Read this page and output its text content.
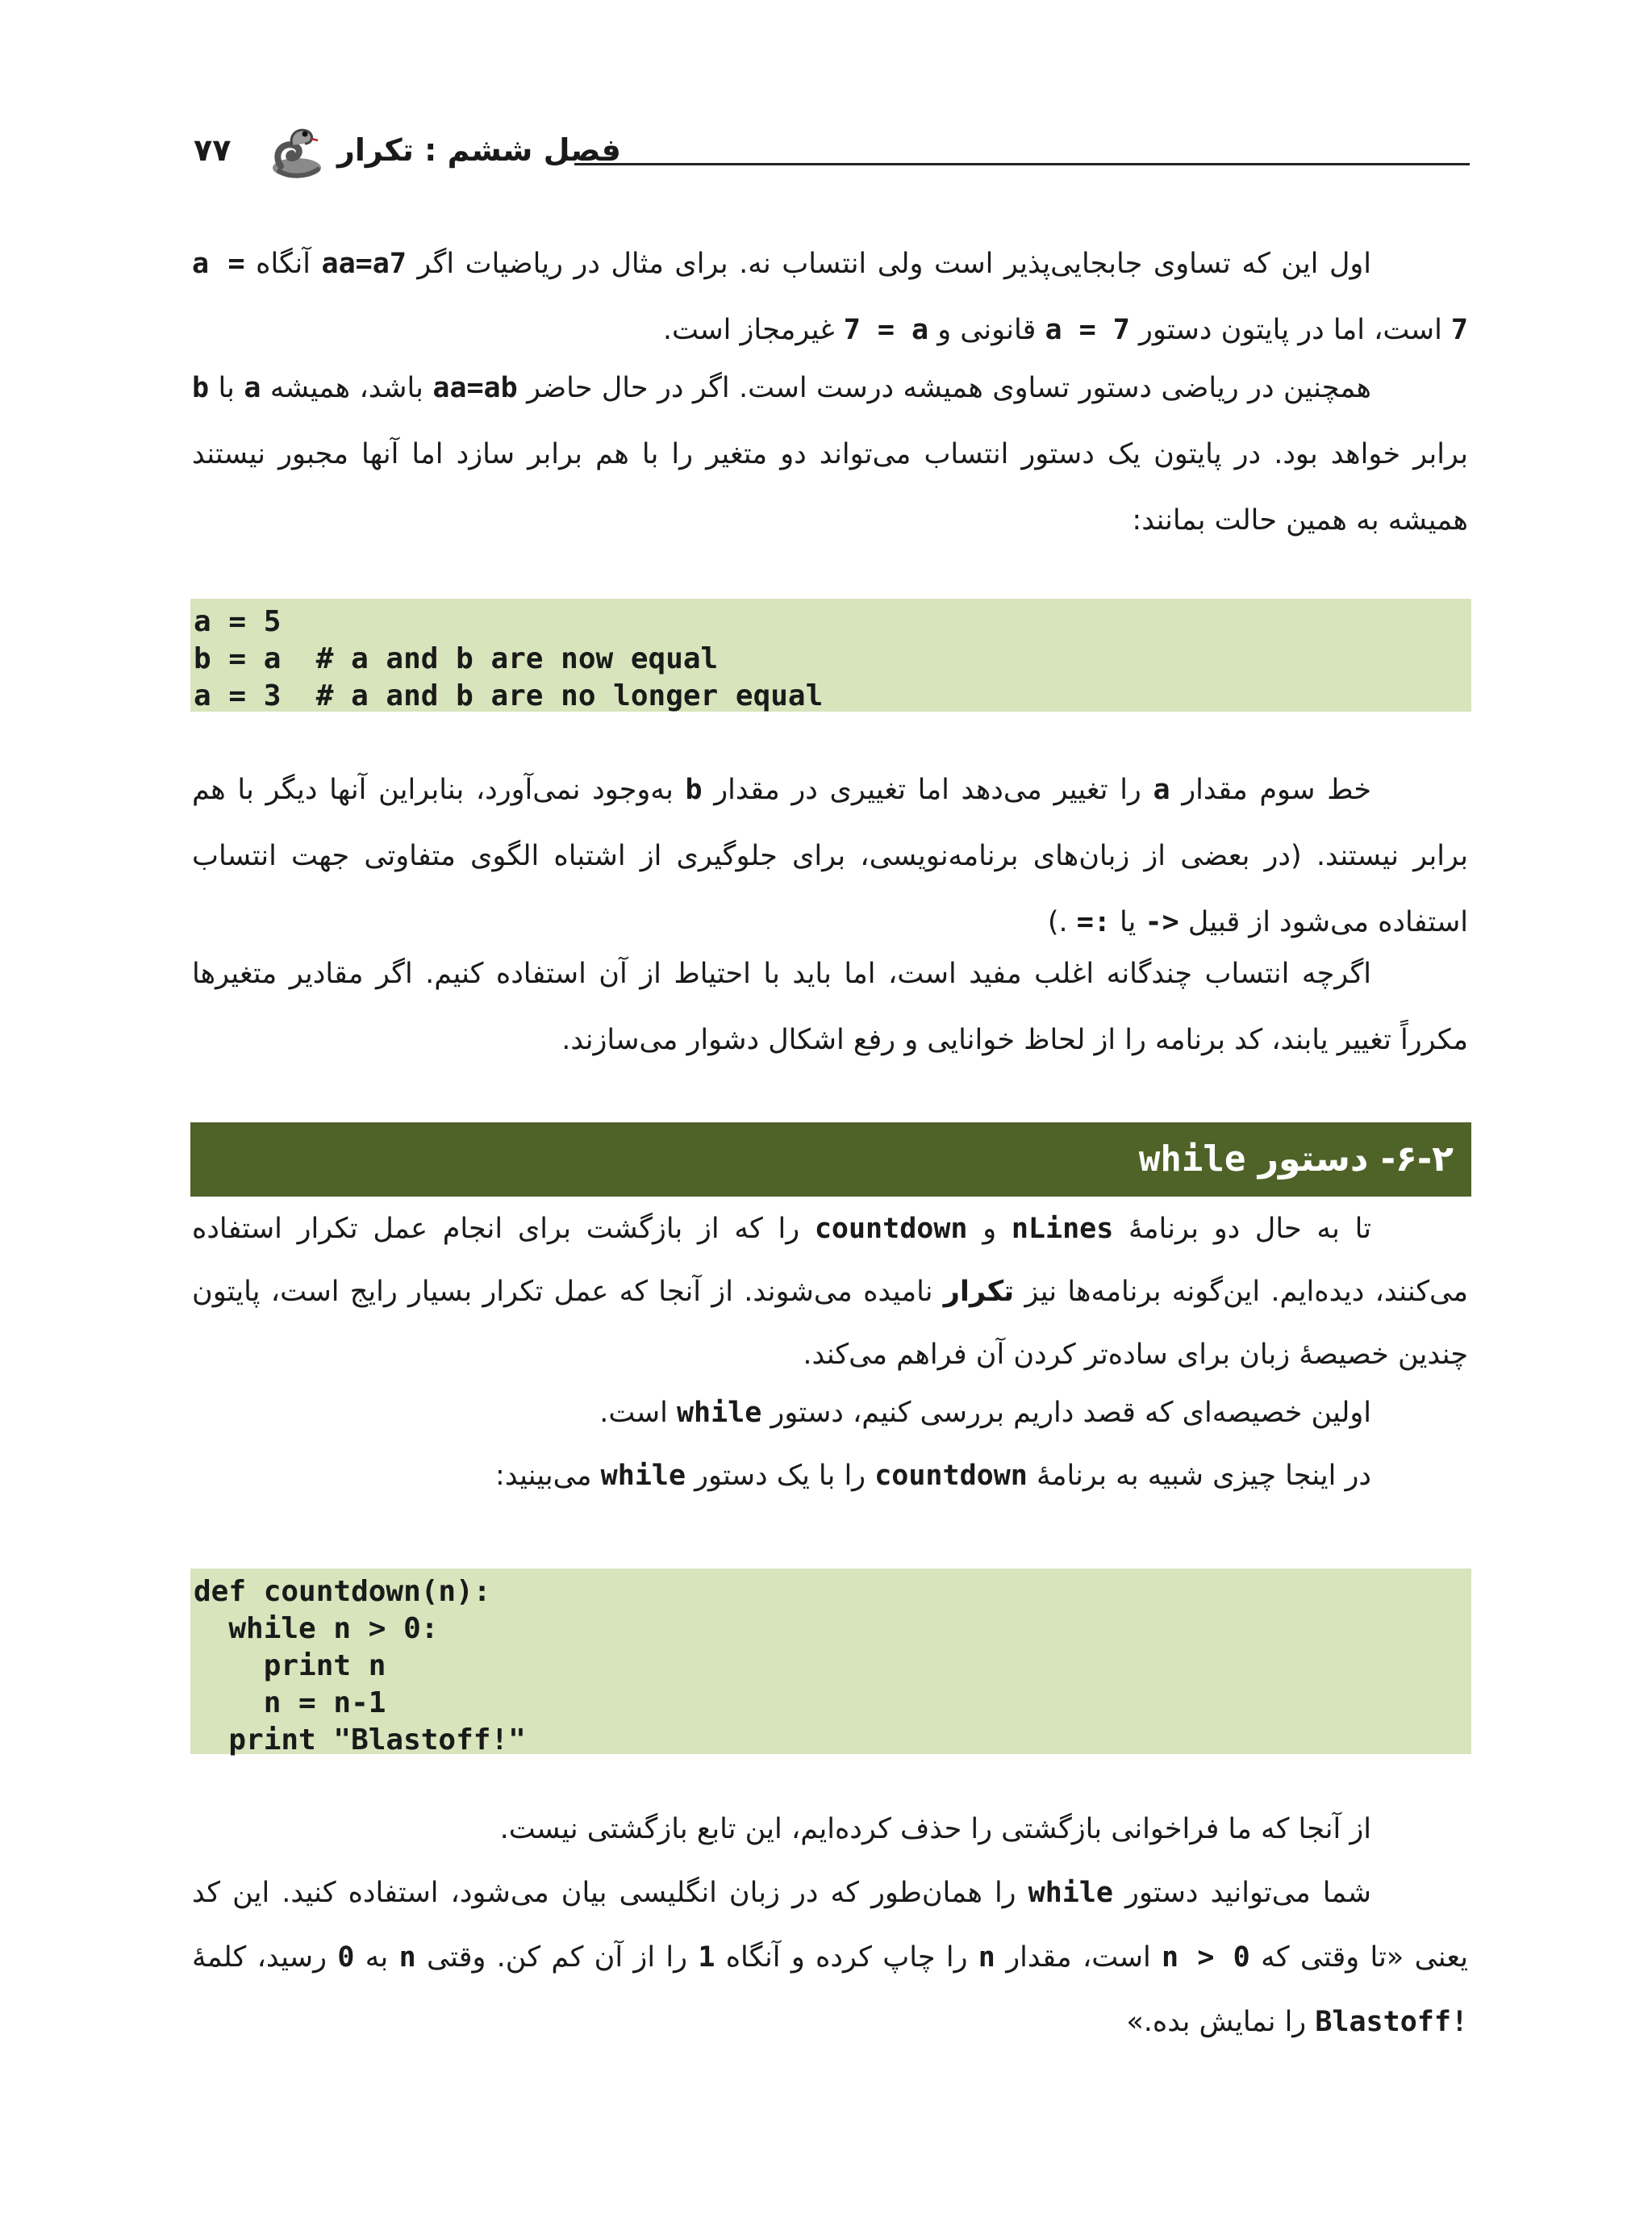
۷۷	فصل ششم : تکرار

اول این که تساوی جابجایی‌پذیر است ولی انتساب نه. برای مثال در ریاضیات اگر aa=a7 آنگاه a = 7 است، اما در پایتون دستور a = 7 قانونی و 7 = a غیرمجاز است.

همچنین در ریاضی دستور تساوی همیشه درست است. اگر در حال حاضر aa=ab باشد، همیشه a با b برابر خواهد بود. در پایتون یک دستور انتساب می‌تواند دو متغیر را با هم برابر سازد اما آنها مجبور نیستند همیشه به همین حالت بمانند:

a = 5
b = a  # a and b are now equal
a = 3  # a and b are no longer equal

خط سوم مقدار a را تغییر می‌دهد اما تغییری در مقدار b به‌وجود نمی‌آورد، بنابراین آنها دیگر با هم برابر نیستند. (در بعضی از زبان‌های برنامه‌نویسی، برای جلوگیری از اشتباه الگوی متفاوتی جهت انتساب استفاده می‌شود از قبیل -> یا =: .)

اگرچه انتساب چندگانه اغلب مفید است، اما باید با احتیاط از آن استفاده کنیم. اگر مقادیر متغیرها مکرراً تغییر یابند، کد برنامه را از لحاظ خوانایی و رفع اشکال دشوار می‌سازند.

۶-۲- دستور while

تا به حال دو برنامهٔ nLines و countdown را که از بازگشت برای انجام عمل تکرار استفاده می‌کنند، دیده‌ایم. این‌گونه برنامه‌ها نیز تکرار نامیده می‌شوند. از آنجا که عمل تکرار بسیار رایج است، پایتون چندین خصیصهٔ زبان برای ساده‌تر کردن آن فراهم می‌کند.

اولین خصیصه‌ای که قصد داریم بررسی کنیم، دستور while است.

در اینجا چیزی شبیه به برنامهٔ countdown را با یک دستور while می‌بینید:

def countdown(n):
while n > 0:
print n
n = n-1
print "Blastoff!"

از آنجا که ما فراخوانی بازگشتی را حذف کرده‌ایم، این تابع بازگشتی نیست.

شما می‌توانید دستور while را همان‌طور که در زبان انگلیسی بیان می‌شود، استفاده کنید. این کد یعنی «تا وقتی که n > 0 است، مقدار n را چاپ کرده و آنگاه 1 را از آن کم کن. وقتی n به 0 رسید، کلمهٔ Blastoff! را نمایش بده.»
